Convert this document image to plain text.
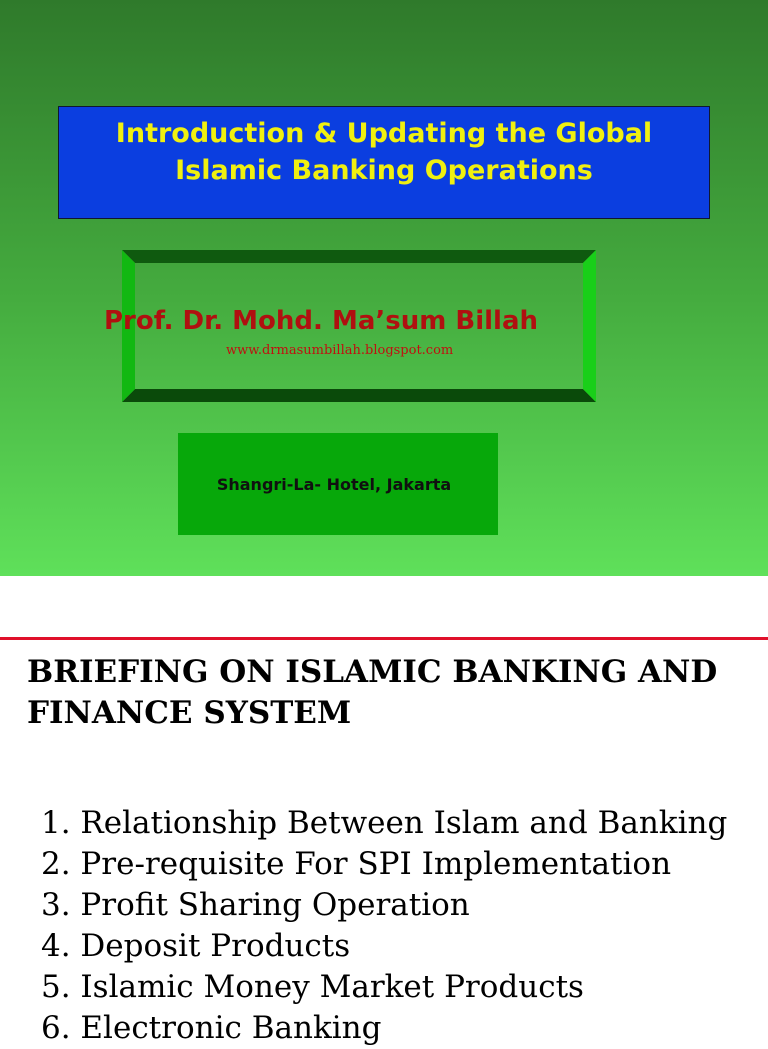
Introduction & Updating the Global
Islamic Banking Operations
Prof. Dr. Mohd. Ma’sum Billah
www.drmasumbillah.blogspot.com
Shangri-La- Hotel, Jakarta
BRIEFING ON ISLAMIC BANKING AND
FINANCE SYSTEM
1. Relationship Between Islam and Banking
2. Pre-requisite For SPI Implementation
3. Profit Sharing Operation
4. Deposit Products
5. Islamic Money Market Products
6. Electronic Banking
